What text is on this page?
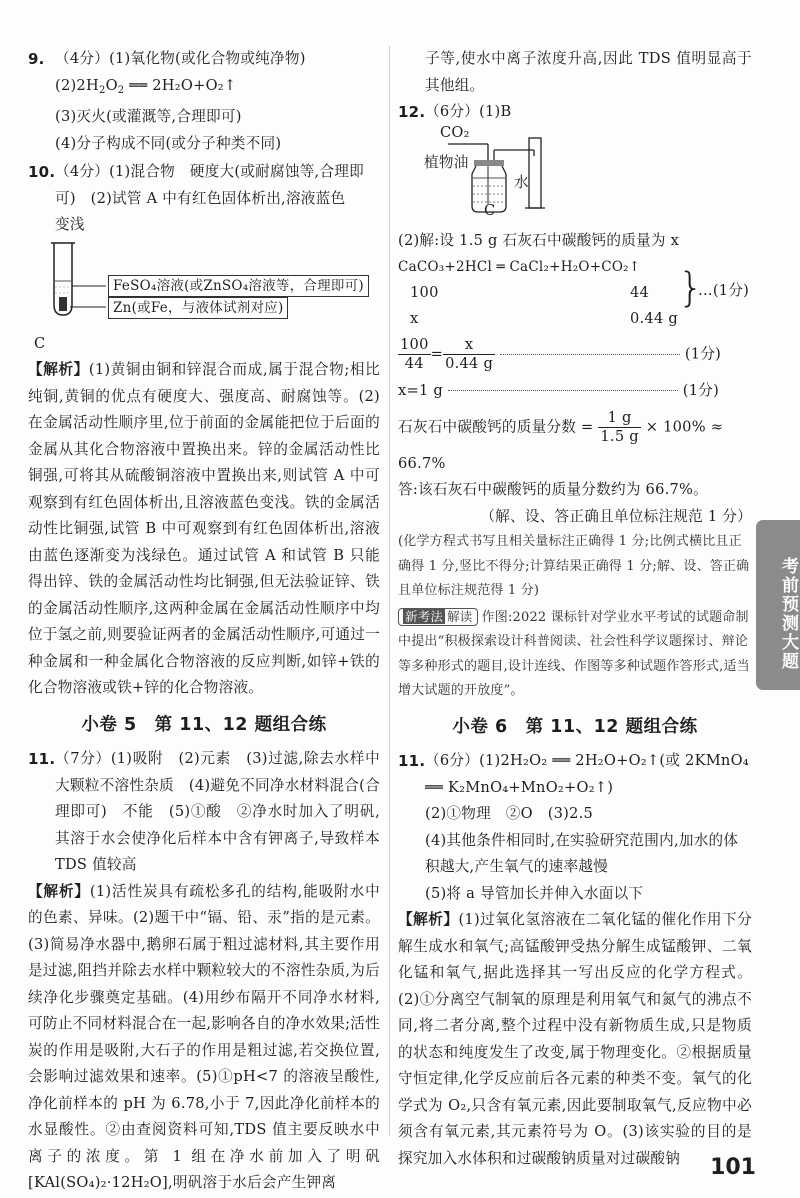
9. （4分）(1)氧化物(或化合物或纯净物)
$(2)2H_2O_2$ ══ 2H₂O+O₂↑
(3)灭火(或灌溉等,合理即可)
(4)分子构成不同(或分子种类不同)
10. （4分）(1)混合物　硬度大(或耐腐蚀等,合理即
可)　(2)试管 A 中有红色固体析出,溶液蓝色
变浅
FeSO₄溶液(或ZnSO₄溶液等，合理即可)
Zn(或Fe，与液体试剂对应)
C
【解析】(1)黄铜由铜和锌混合而成,属于混合物;相比纯铜,黄铜的优点有硬度大、强度高、耐腐蚀等。(2)在金属活动性顺序里,位于前面的金属能把位于后面的金属从其化合物溶液中置换出来。锌的金属活动性比铜强,可将其从硫酸铜溶液中置换出来,则试管 A 中可观察到有红色固体析出,且溶液蓝色变浅。铁的金属活动性比铜强,试管 B 中可观察到有红色固体析出,溶液由蓝色逐渐变为浅绿色。通过试管 A 和试管 B 只能得出锌、铁的金属活动性均比铜强,但无法验证锌、铁的金属活动性顺序,这两种金属在金属活动性顺序中均位于氢之前,则要验证两者的金属活动性顺序,可通过一种金属和一种金属化合物溶液的反应判断,如锌+铁的化合物溶液或铁+锌的化合物溶液。
小卷 5　第 11、12 题组合练
11. （7分）(1)吸附　(2)元素　(3)过滤,除去水样中大颗粒不溶性杂质　(4)避免不同净水材料混合(合理即可)　不能　(5)①酸　②净水时加入了明矾,其溶于水会使净化后样本中含有钾离子,导致样本 TDS 值较高
【解析】(1)活性炭具有疏松多孔的结构,能吸附水中的色素、异味。(2)题干中“镉、铅、汞”指的是元素。(3)简易净水器中,鹅卵石属于粗过滤材料,其主要作用是过滤,阻挡并除去水样中颗粒较大的不溶性杂质,为后续净化步骤奠定基础。(4)用纱布隔开不同净水材料,可防止不同材料混合在一起,影响各自的净水效果;活性炭的作用是吸附,大石子的作用是粗过滤,若交换位置,会影响过滤效果和速率。(5)①pH<7 的溶液呈酸性,净化前样本的 pH 为 6.78,小于 7,因此净化前样本的水显酸性。②由查阅资料可知,TDS 值主要反映水中离子的浓度。第 1 组在净水前加入了明矾[KAl(SO₄)₂·12H₂O],明矾溶于水后会产生钾离
子等,使水中离子浓度升高,因此 TDS 值明显高于其他组。
12. （6分）(1)B
CO₂
植物油
水
C
(2)解:设 1.5 g 石灰石中碳酸钙的质量为 x
CaCO₃+2HCl ═ CaCl₂+H₂O+CO₂↑
100	44
x	0.44 g
}
…(1分)
$\frac{100}{44} = \frac{x}{0.44 g}$	(1分)
x=1 g	(1分)
石灰石中碳酸钙的质量分数 = $\frac{1 g}{1.5 g} \times 100\%$ ≈
66.7%
答:该石灰石中碳酸钙的质量分数约为 66.7%。
（解、设、答正确且单位标注规范 1 分）
(化学方程式书写且相关量标注正确得 1 分;比例式横比且正确得 1 分,竖比不得分;计算结果正确得 1 分;解、设、答正确且单位标注规范得 1 分)
新考法 解读 作图:2022 课标针对学业水平考试的试题命制中提出“积极探索设计科普阅读、社会性科学议题探讨、辩论等多种形式的题目,设计连线、作图等多种试题作答形式,适当增大试题的开放度”。
小卷 6　第 11、12 题组合练
11. （6分）(1)2H₂O₂ ══ 2H₂O+O₂↑(或 2KMnO₄
══ K₂MnO₄+MnO₂+O₂↑)
(2)①物理　②O　(3)2.5
(4)其他条件相同时,在实验研究范围内,加水的体积越大,产生氧气的速率越慢
(5)将 a 导管加长并伸入水面以下
【解析】(1)过氧化氢溶液在二氧化锰的催化作用下分解生成水和氧气;高锰酸钾受热分解生成锰酸钾、二氧化锰和氧气,据此选择其一写出反应的化学方程式。(2)①分离空气制氧的原理是利用氧气和氮气的沸点不同,将二者分离,整个过程中没有新物质生成,只是物质的状态和纯度发生了改变,属于物理变化。②根据质量守恒定律,化学反应前后各元素的种类不变。氧气的化学式为 O₂,只含有氧元素,因此要制取氧气,反应物中必须含有氧元素,其元素符号为 O。(3)该实验的目的是探究加入水体积和过碳酸钠质量对过碳酸钠
考前预测大题
101
